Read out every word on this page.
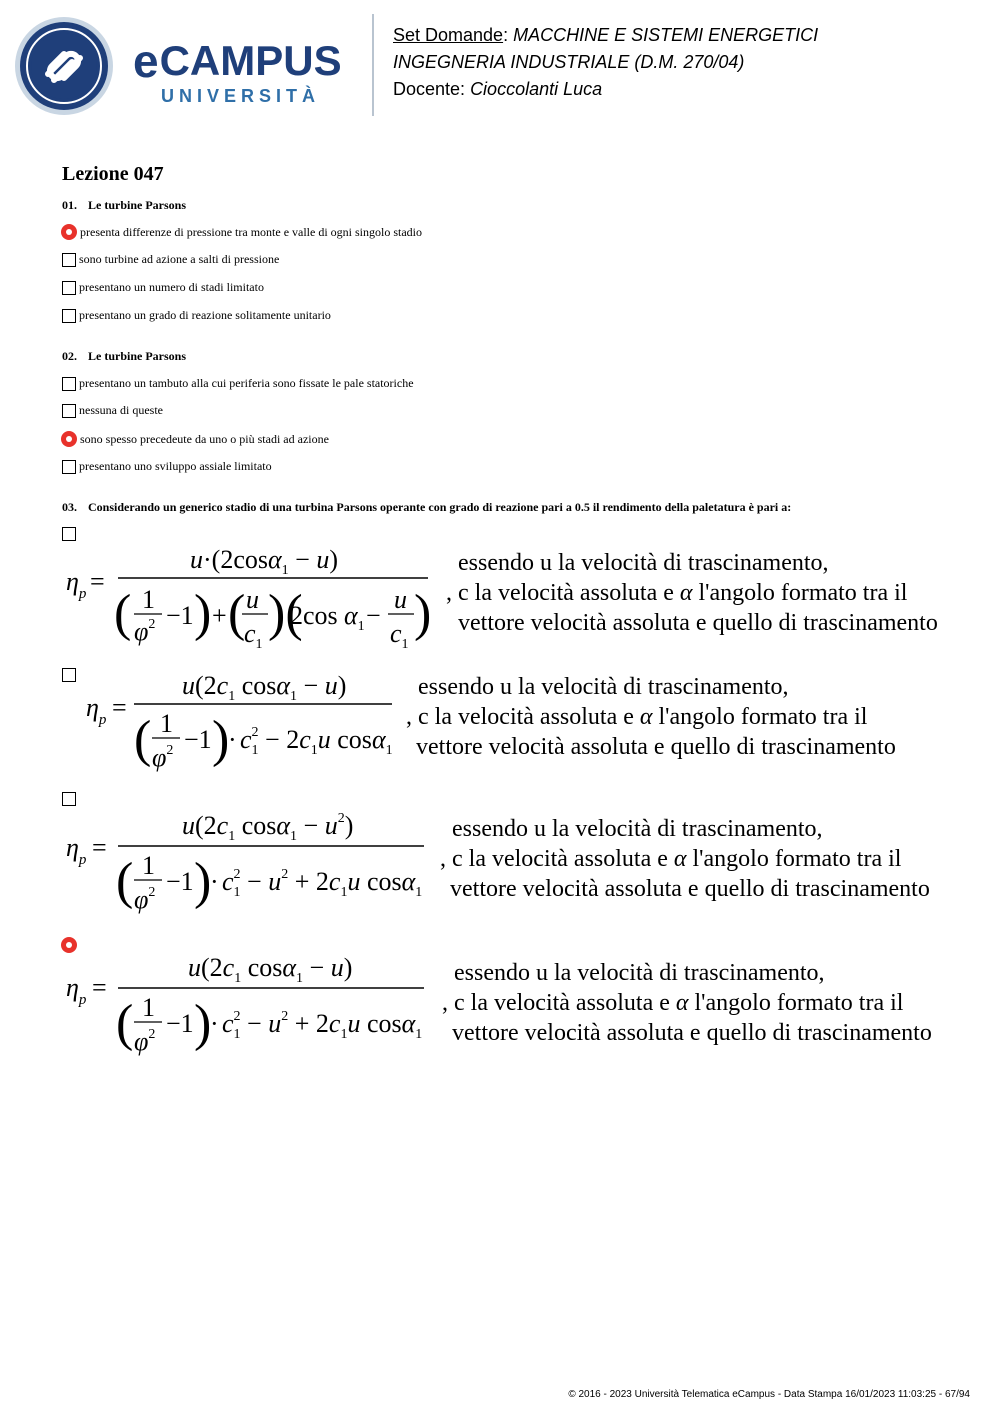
e CAMPUS
UNIVERSITÀ
Set Domande: MACCHINE E SISTEMI ENERGETICI
INGEGNERIA INDUSTRIALE (D.M. 270/04)
Docente: Cioccolanti Luca
Lezione 047
01. Le turbine Parsons
presenta differenze di pressione tra monte e valle di ogni singolo stadio
sono turbine ad azione a salti di pressione
presentano un numero di stadi limitato
presentano un grado di reazione solitamente unitario
02. Le turbine Parsons
presentano un tambuto alla cui periferia sono fissate le pale statoriche
nessuna di queste
sono spesso precedeute da uno o più stadi ad azione
presentano uno sviluppo assiale limitato
03. Considerando un generico stadio di una turbina Parsons operante con grado di reazione pari a 0.5 il rendimento della paletatura è pari a:
$\eta_p$ =
u·(2cosα$_1$ − u)
( 1
$\varphi^2 -1$ ) + ( u
$c_1$
)(
2cos $\alpha_1$ −
u
$c_1$
)
essendo u la velocità di trascinamento,
, c la velocità assoluta e α l'angolo formato tra il
vettore velocità assoluta e quello di trascinamento
$\eta_p$ =
$u(2c_1$ cosα$_1$ − u)
( 1
$\varphi^2 -1$ )
· $c_12 - 2c_1u$ cosα$_1$
essendo u la velocità di trascinamento,
, c la velocità assoluta e α l'angolo formato tra il
vettore velocità assoluta e quello di trascinamento
$\eta_p$ =
$u(2c_1$ $\cos\alpha_1 - u^2$)
( 1
$\varphi^2 -1$ )
· $c_12 - u^2 + 2c_1u$ cosα$_1$
essendo u la velocità di trascinamento,
, c la velocità assoluta e α l'angolo formato tra il
vettore velocità assoluta e quello di trascinamento
$\eta_p$ =
$u(2c_1$ cosα$_1$ − u)
( 1
$\varphi^2 -1$ )
· $c_12 - u^2 + 2c_1u$ cosα$_1$
essendo u la velocità di trascinamento,
, c la velocità assoluta e α l'angolo formato tra il
vettore velocità assoluta e quello di trascinamento
© 2016 - 2023 Università Telematica eCampus - Data Stampa 16/01/2023 11:03:25 - 67/94
